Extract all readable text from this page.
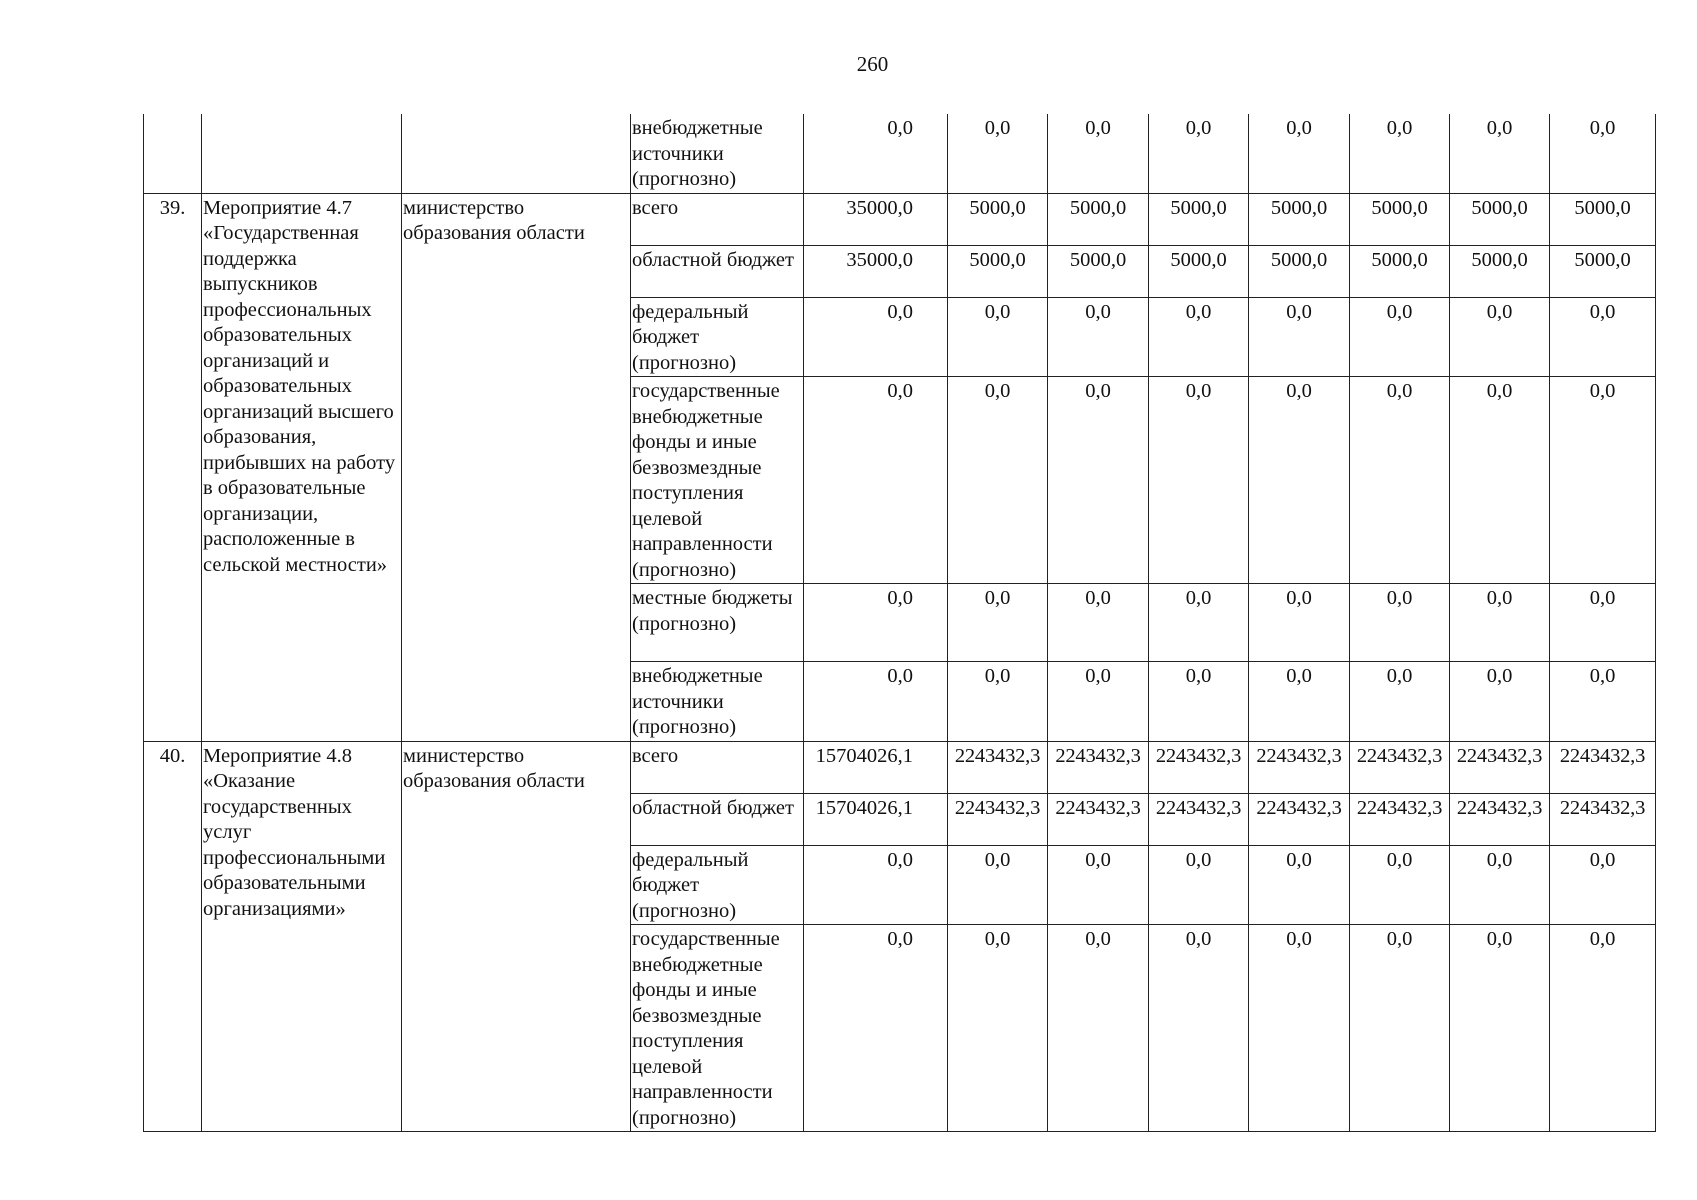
260
			внебюджетные источники (прогнозно)	0,0	0,0	0,0	0,0	0,0	0,0	0,0	0,0
39.	Мероприятие 4.7 «Государственная поддержка выпускников профессиональных образовательных организаций и образовательных организаций высшего образования, прибывших на работу в образовательные организации, расположенные в сельской местности»	министерство образования области	всего	35000,0	5000,0	5000,0	5000,0	5000,0	5000,0	5000,0	5000,0
			областной бюджет	35000,0	5000,0	5000,0	5000,0	5000,0	5000,0	5000,0	5000,0
			федеральный бюджет (прогнозно)	0,0	0,0	0,0	0,0	0,0	0,0	0,0	0,0
			государственные внебюджетные фонды и иные безвозмездные поступления целевой направленности (прогнозно)	0,0	0,0	0,0	0,0	0,0	0,0	0,0	0,0
			местные бюджеты (прогнозно)	0,0	0,0	0,0	0,0	0,0	0,0	0,0	0,0
			внебюджетные источники (прогнозно)	0,0	0,0	0,0	0,0	0,0	0,0	0,0	0,0
40.	Мероприятие 4.8 «Оказание государственных услуг профессиональными образовательными организациями»	министерство образования области	всего	15704026,1	2243432,3	2243432,3	2243432,3	2243432,3	2243432,3	2243432,3	2243432,3
			областной бюджет	15704026,1	2243432,3	2243432,3	2243432,3	2243432,3	2243432,3	2243432,3	2243432,3
			федеральный бюджет (прогнозно)	0,0	0,0	0,0	0,0	0,0	0,0	0,0	0,0
			государственные внебюджетные фонды и иные безвозмездные поступления целевой направленности (прогнозно)	0,0	0,0	0,0	0,0	0,0	0,0	0,0	0,0
